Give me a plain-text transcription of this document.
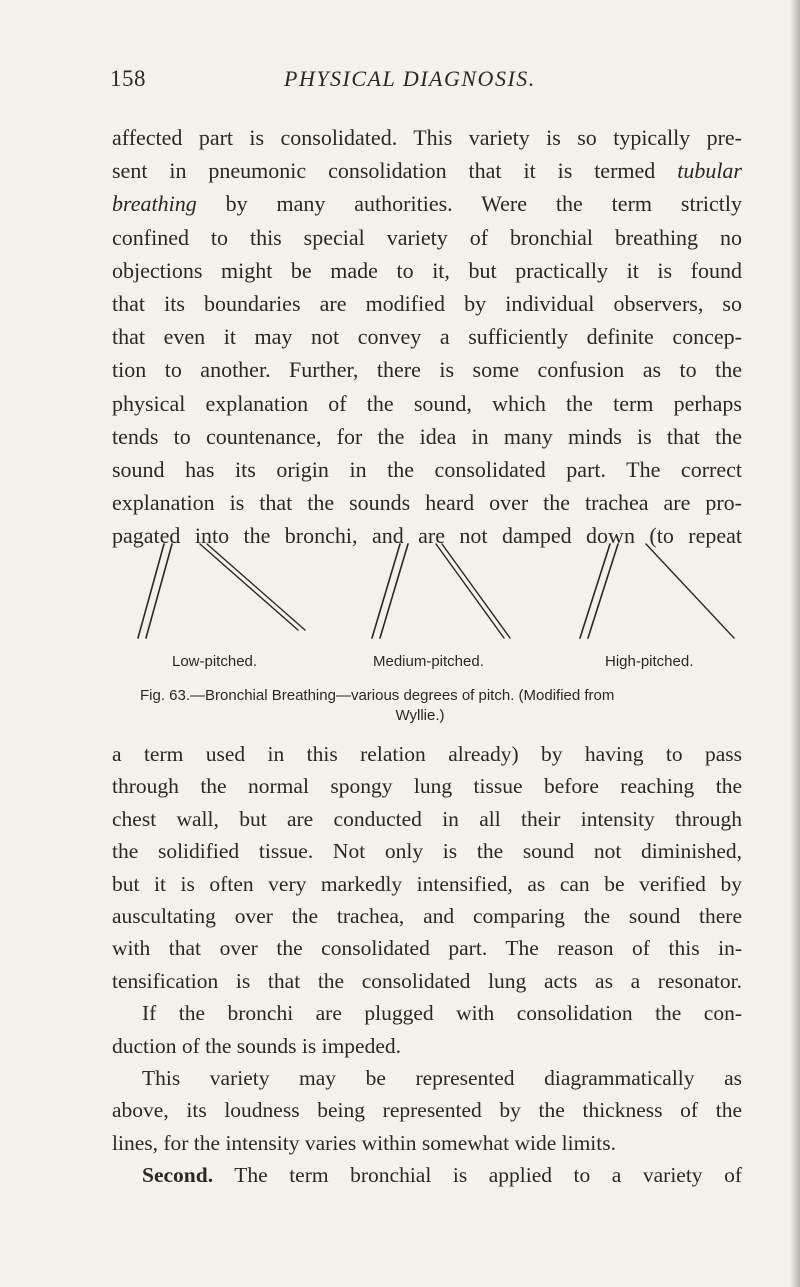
158	PHYSICAL DIAGNOSIS.
affected part is consolidated. This variety is so typically pre-
sent in pneumonic consolidation that it is termed tubular
breathing by many authorities. Were the term strictly
confined to this special variety of bronchial breathing no
objections might be made to it, but practically it is found
that its boundaries are modified by individual observers, so
that even it may not convey a sufficiently definite concep-
tion to another. Further, there is some confusion as to the
physical explanation of the sound, which the term perhaps
tends to countenance, for the idea in many minds is that the
sound has its origin in the consolidated part. The correct
explanation is that the sounds heard over the trachea are pro-
pagated into the bronchi, and are not damped down (to repeat
Low-pitched.	Medium-pitched.	High-pitched.
Fig. 63.—Bronchial Breathing—various degrees of pitch. (Modified from
Wyllie.)
a term used in this relation already) by having to pass
through the normal spongy lung tissue before reaching the
chest wall, but are conducted in all their intensity through
the solidified tissue. Not only is the sound not diminished,
but it is often very markedly intensified, as can be verified by
auscultating over the trachea, and comparing the sound there
with that over the consolidated part. The reason of this in-
tensification is that the consolidated lung acts as a resonator.
If the bronchi are plugged with consolidation the con-
duction of the sounds is impeded.
This variety may be represented diagrammatically as
above, its loudness being represented by the thickness of the
lines, for the intensity varies within somewhat wide limits.
Second. The term bronchial is applied to a variety of
